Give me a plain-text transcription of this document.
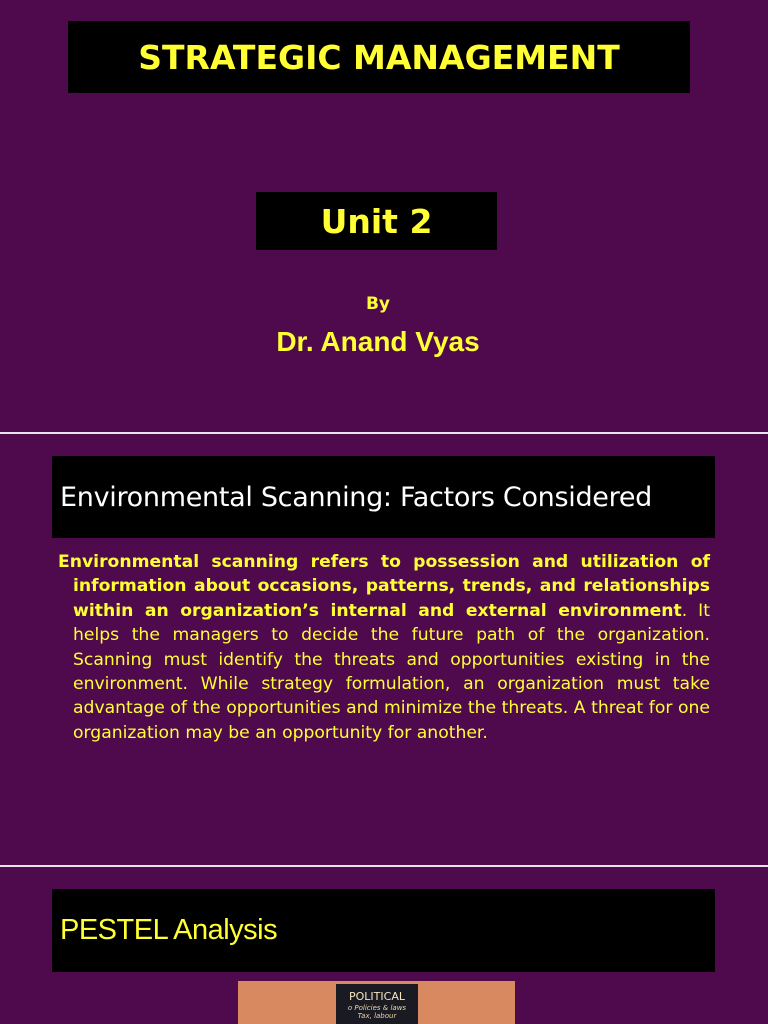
STRATEGIC MANAGEMENT
Unit 2
By
Dr. Anand Vyas
Environmental Scanning: Factors Considered

Environmental scanning refers to possession and utilization of information about occasions, patterns, trends, and relationships within an organization’s internal and external environment. It helps the managers to decide the future path of the organization. Scanning must identify the threats and opportunities existing in the environment. While strategy formulation, an organization must take advantage of the opportunities and minimize the threats. A threat for one organization may be an opportunity for another.

PESTEL Analysis
POLITICAL
o Policies & laws
Tax, labour
